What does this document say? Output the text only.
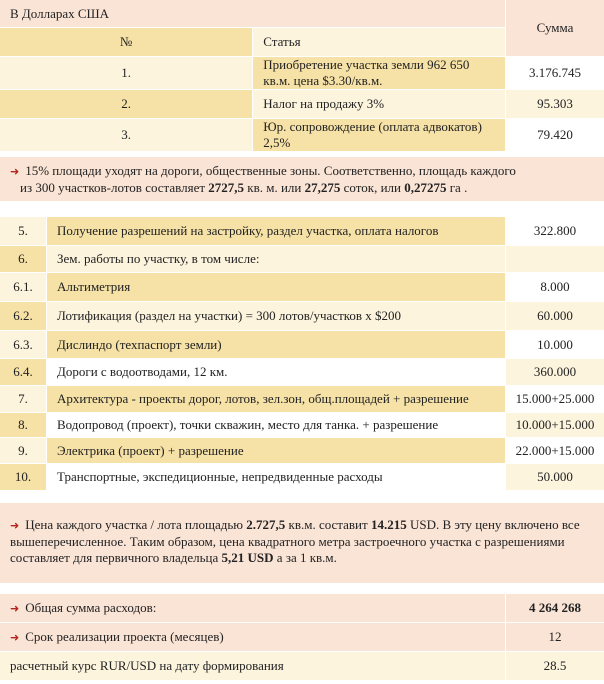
В Долларах США		Сумма
№	Статья	
1.	Приобретение участка земли 962 650 кв.м. цена $3.30/кв.м.	3.176.745
2.	Налог на продажу 3%	95.303
3.	Юр. сопровождение (оплата адвокатов) 2,5%	79.420
➜ 15% площади уходят на дороги, общественные зоны. Соответственно, площадь каждого
из 300 участков-лотов составляет 2727,5 кв. м. или 27,275 соток, или 0,27275 га .
5.	Получение разрешений на застройку, раздел участка, оплата налогов	322.800
6.	Зем. работы по участку, в том числе:	
6.1.	Альтиметрия	8.000
6.2.	Лотификация (раздел на участки) = 300 лотов/участков х $200	60.000
6.3.	Дислиндо (техпаспорт земли)	10.000
6.4.	Дороги с водоотводами, 12 км.	360.000
7.	Архитектура - проекты дорог, лотов, зел.зон, общ.площадей + разрешение	15.000+25.000
8.	Водопровод (проект), точки скважин, место для танка. + разрешение	10.000+15.000
9.	Электрика (проект) + разрешение	22.000+15.000
10.	Транспортные, экспедиционные, непредвиденные расходы	50.000
➜ Цена каждого участка / лота площадью 2.727,5 кв.м. составит 14.215 USD. В эту цену включено все вышеперечисленное. Таким образом, цена квадратного метра застроечного участка с разрешениями составляет для первичного владельца 5,21 USD а за 1 кв.м.
➜ Общая сумма расходов:	4 264 268
➜ Срок реализации проекта (месяцев)	12
расчетный курс RUR/USD на дату формирования	28.5
